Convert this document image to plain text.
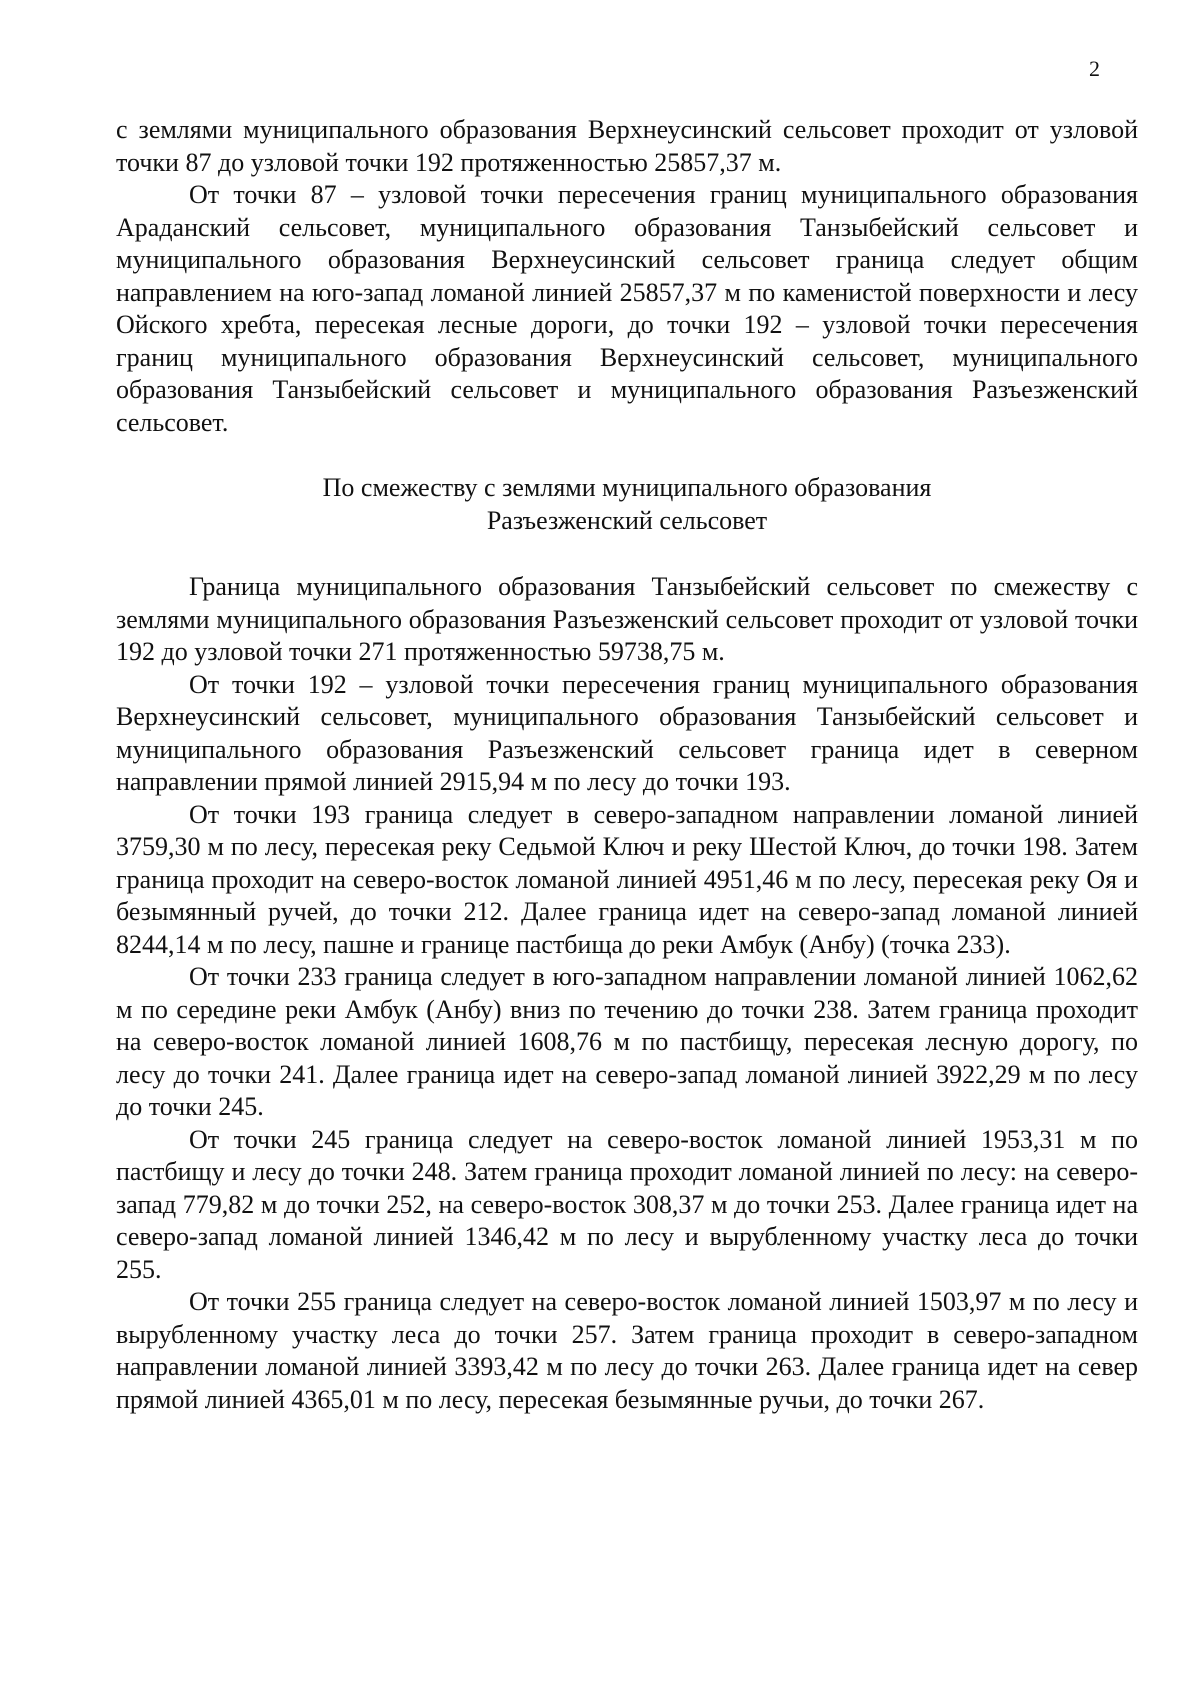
2

с землями муниципального образования Верхнеусинский сельсовет проходит от узловой точки 87 до узловой точки 192 протяженностью 25857,37 м.

От точки 87 – узловой точки пересечения границ муниципального образования Араданский сельсовет, муниципального образования Танзыбейский сельсовет и муниципального образования Верхнеусинский сельсовет граница следует общим направлением на юго-запад ломаной линией 25857,37 м по каменистой поверхности и лесу Ойского хребта, пересекая лесные дороги, до точки 192 – узловой точки пересечения границ муниципального образования Верхнеусинский сельсовет, муниципального образования Танзыбейский сельсовет и муниципального образования Разъезженский сельсовет.

По смежеству с землями муниципального образования
Разъезженский сельсовет

Граница муниципального образования Танзыбейский сельсовет по смежеству с землями муниципального образования Разъезженский сельсовет проходит от узловой точки 192 до узловой точки 271 протяженностью 59738,75 м.

От точки 192 – узловой точки пересечения границ муниципального образования Верхнеусинский сельсовет, муниципального образования Танзыбейский сельсовет и муниципального образования Разъезженский сельсовет граница идет в северном направлении прямой линией 2915,94 м по лесу до точки 193.

От точки 193 граница следует в северо-западном направлении ломаной линией 3759,30 м по лесу, пересекая реку Седьмой Ключ и реку Шестой Ключ, до точки 198. Затем граница проходит на северо-восток ломаной линией 4951,46 м по лесу, пересекая реку Оя и безымянный ручей, до точки 212. Далее граница идет на северо-запад ломаной линией 8244,14 м по лесу, пашне и границе пастбища до реки Амбук (Анбу) (точка 233).

От точки 233 граница следует в юго-западном направлении ломаной линией 1062,62 м по середине реки Амбук (Анбу) вниз по течению до точки 238. Затем граница проходит на северо-восток ломаной линией 1608,76 м по пастбищу, пересекая лесную дорогу, по лесу до точки 241. Далее граница идет на северо-запад ломаной линией 3922,29 м по лесу до точки 245.

От точки 245 граница следует на северо-восток ломаной линией 1953,31 м по пастбищу и лесу до точки 248. Затем граница проходит ломаной линией по лесу: на северо-запад 779,82 м до точки 252, на северо-восток 308,37 м до точки 253. Далее граница идет на северо-запад ломаной линией 1346,42 м по лесу и вырубленному участку леса до точки 255.

От точки 255 граница следует на северо-восток ломаной линией 1503,97 м по лесу и вырубленному участку леса до точки 257. Затем граница проходит в северо-западном направлении ломаной линией 3393,42 м по лесу до точки 263. Далее граница идет на север прямой линией 4365,01 м по лесу, пересекая безымянные ручьи, до точки 267.
